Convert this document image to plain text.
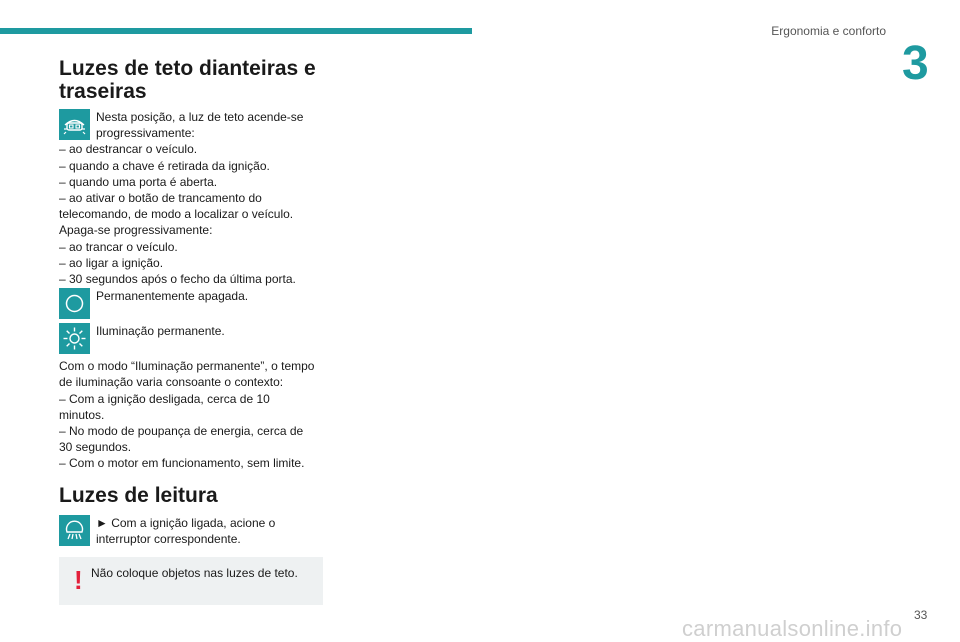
Ergonomia e conforto
3
Luzes de teto dianteiras e
traseiras
Nesta posição, a luz de teto acende-se
progressivamente:

– ao destrancar o veículo.

– quando a chave é retirada da ignição.

– quando uma porta é aberta.

– ao ativar o botão de trancamento do

telecomando, de modo a localizar o veículo.

Apaga-se progressivamente:

– ao trancar o veículo.

– ao ligar a ignição.

– 30 segundos após o fecho da última porta.

Permanentemente apagada.
Iluminação permanente.

Com o modo “Iluminação permanente”, o tempo

de iluminação varia consoante o contexto:

– Com a ignição desligada, cerca de 10

minutos.

– No modo de poupança de energia, cerca de

30 segundos.

– Com o motor em funcionamento, sem limite.

Luzes de leitura
► Com a ignição ligada, acione o
interruptor correspondente.
! Não coloque objetos nas luzes de teto.
33
carmanualsonline.info
